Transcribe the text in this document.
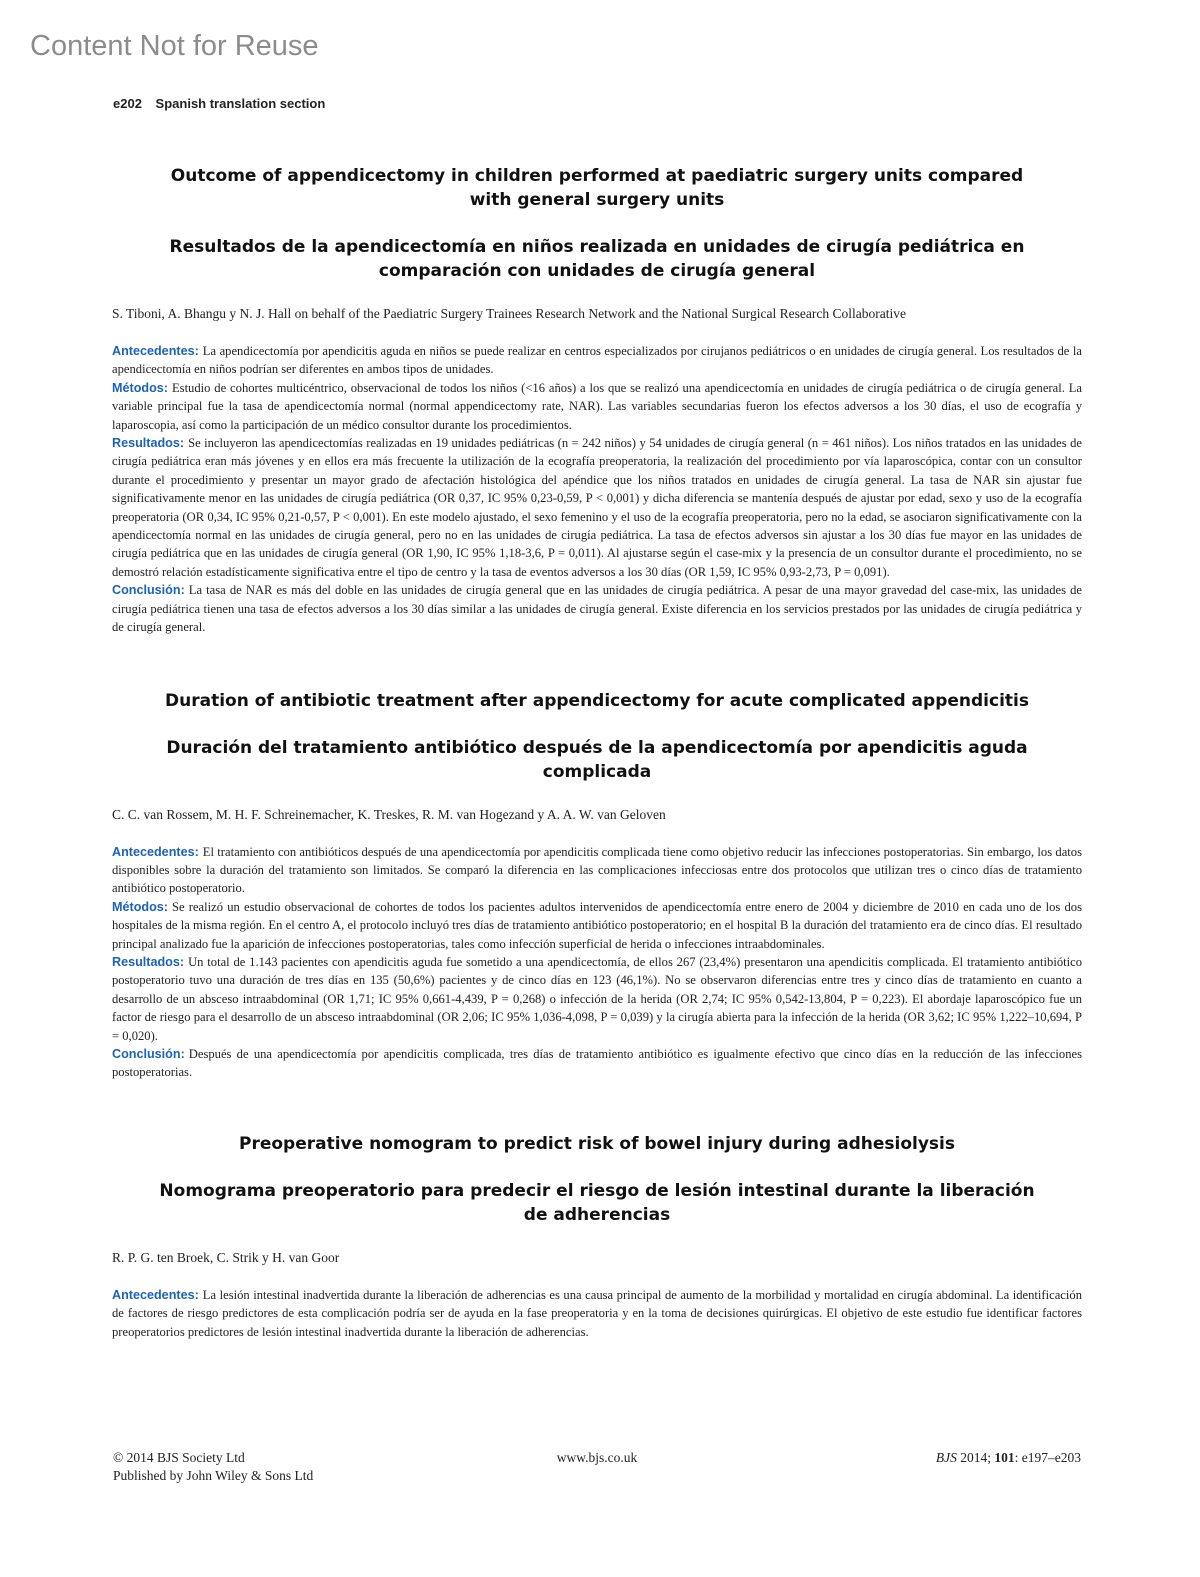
Content Not for Reuse
e202 Spanish translation section
Outcome of appendicectomy in children performed at paediatric surgery units compared with general surgery units
Resultados de la apendicectomía en niños realizada en unidades de cirugía pediátrica en comparación con unidades de cirugía general
S. Tiboni, A. Bhangu y N. J. Hall on behalf of the Paediatric Surgery Trainees Research Network and the National Surgical Research Collaborative

Antecedentes: La apendicectomía por apendicitis aguda en niños se puede realizar en centros especializados por cirujanos pediátricos o en unidades de cirugía general. Los resultados de la apendicectomía en niños podrían ser diferentes en ambos tipos de unidades.

Métodos: Estudio de cohortes multicéntrico, observacional de todos los niños (<16 años) a los que se realizó una apendicectomía en unidades de cirugía pediátrica o de cirugía general. La variable principal fue la tasa de apendicectomía normal (normal appendicectomy rate, NAR). Las variables secundarias fueron los efectos adversos a los 30 días, el uso de ecografía y laparoscopia, así como la participación de un médico consultor durante los procedimientos.

Resultados: Se incluyeron las apendicectomías realizadas en 19 unidades pediátricas (n = 242 niños) y 54 unidades de cirugía general (n = 461 niños). Los niños tratados en las unidades de cirugía pediátrica eran más jóvenes y en ellos era más frecuente la utilización de la ecografía preoperatoria, la realización del procedimiento por vía laparoscópica, contar con un consultor durante el procedimiento y presentar un mayor grado de afectación histológica del apéndice que los niños tratados en unidades de cirugía general. La tasa de NAR sin ajustar fue significativamente menor en las unidades de cirugía pediátrica (OR 0,37, IC 95% 0,23-0,59, P < 0,001) y dicha diferencia se mantenía después de ajustar por edad, sexo y uso de la ecografía preoperatoria (OR 0,34, IC 95% 0,21-0,57, P < 0,001). En este modelo ajustado, el sexo femenino y el uso de la ecografía preoperatoria, pero no la edad, se asociaron significativamente con la apendicectomía normal en las unidades de cirugía general, pero no en las unidades de cirugía pediátrica. La tasa de efectos adversos sin ajustar a los 30 días fue mayor en las unidades de cirugía pediátrica que en las unidades de cirugía general (OR 1,90, IC 95% 1,18-3,6, P = 0,011). Al ajustarse según el case-mix y la presencia de un consultor durante el procedimiento, no se demostró relación estadísticamente significativa entre el tipo de centro y la tasa de eventos adversos a los 30 días (OR 1,59, IC 95% 0,93-2,73, P = 0,091).

Conclusión: La tasa de NAR es más del doble en las unidades de cirugía general que en las unidades de cirugía pediátrica. A pesar de una mayor gravedad del case-mix, las unidades de cirugía pediátrica tienen una tasa de efectos adversos a los 30 días similar a las unidades de cirugía general. Existe diferencia en los servicios prestados por las unidades de cirugía pediátrica y de cirugía general.

Duration of antibiotic treatment after appendicectomy for acute complicated appendicitis
Duración del tratamiento antibiótico después de la apendicectomía por apendicitis aguda complicada
C. C. van Rossem, M. H. F. Schreinemacher, K. Treskes, R. M. van Hogezand y A. A. W. van Geloven

Antecedentes: El tratamiento con antibióticos después de una apendicectomía por apendicitis complicada tiene como objetivo reducir las infecciones postoperatorias. Sin embargo, los datos disponibles sobre la duración del tratamiento son limitados. Se comparó la diferencia en las complicaciones infecciosas entre dos protocolos que utilizan tres o cinco días de tratamiento antibiótico postoperatorio.

Métodos: Se realizó un estudio observacional de cohortes de todos los pacientes adultos intervenidos de apendicectomía entre enero de 2004 y diciembre de 2010 en cada uno de los dos hospitales de la misma región. En el centro A, el protocolo incluyó tres días de tratamiento antibiótico postoperatorio; en el hospital B la duración del tratamiento era de cinco días. El resultado principal analizado fue la aparición de infecciones postoperatorias, tales como infección superficial de herida o infecciones intraabdominales.

Resultados: Un total de 1.143 pacientes con apendicitis aguda fue sometido a una apendicectomía, de ellos 267 (23,4%) presentaron una apendicitis complicada. El tratamiento antibiótico postoperatorio tuvo una duración de tres días en 135 (50,6%) pacientes y de cinco días en 123 (46,1%). No se observaron diferencias entre tres y cinco días de tratamiento en cuanto a desarrollo de un absceso intraabdominal (OR 1,71; IC 95% 0,661-4,439, P = 0,268) o infección de la herida (OR 2,74; IC 95% 0,542-13,804, P = 0,223). El abordaje laparoscópico fue un factor de riesgo para el desarrollo de un absceso intraabdominal (OR 2,06; IC 95% 1,036-4,098, P = 0,039) y la cirugía abierta para la infección de la herida (OR 3,62; IC 95% 1,222–10,694, P = 0,020).

Conclusión: Después de una apendicectomía por apendicitis complicada, tres días de tratamiento antibiótico es igualmente efectivo que cinco días en la reducción de las infecciones postoperatorias.

Preoperative nomogram to predict risk of bowel injury during adhesiolysis
Nomograma preoperatorio para predecir el riesgo de lesión intestinal durante la liberación de adherencias
R. P. G. ten Broek, C. Strik y H. van Goor

Antecedentes: La lesión intestinal inadvertida durante la liberación de adherencias es una causa principal de aumento de la morbilidad y mortalidad en cirugía abdominal. La identificación de factores de riesgo predictores de esta complicación podría ser de ayuda en la fase preoperatoria y en la toma de decisiones quirúrgicas. El objetivo de este estudio fue identificar factores preoperatorios predictores de lesión intestinal inadvertida durante la liberación de adherencias.

© 2014 BJS Society Ltd
Published by John Wiley & Sons Ltd
www.bjs.co.uk	BJS 2014; 101: e197–e203
